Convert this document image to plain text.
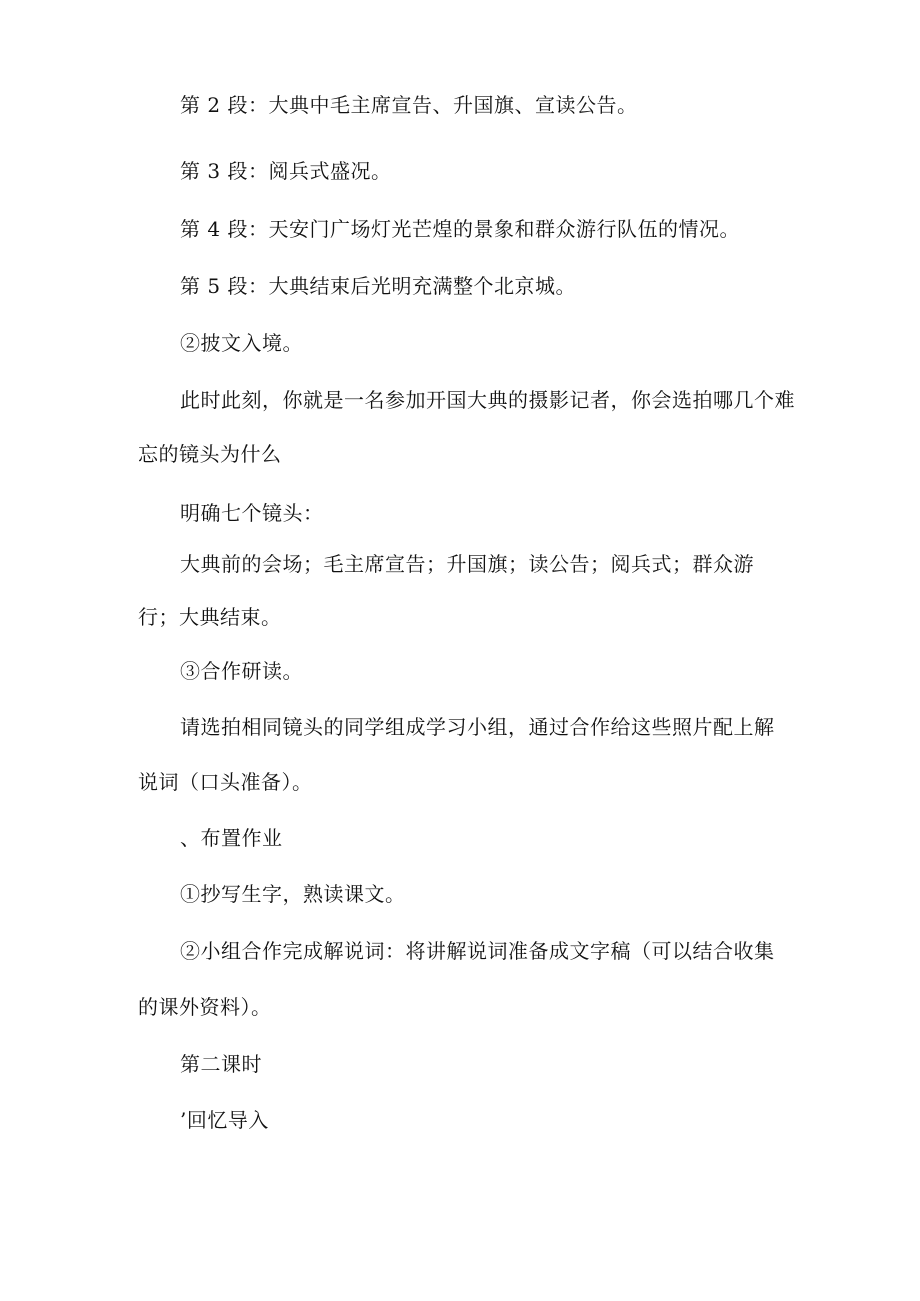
第 2 段：大典中毛主席宣告、升国旗、宣读公告。
第 3 段：阅兵式盛况。
第 4 段：天安门广场灯光芒煌的景象和群众游行队伍的情况。
第 5 段：大典结束后光明充满整个北京城。
②披文入境。
此时此刻，你就是一名参加开国大典的摄影记者，你会选拍哪几个难
忘的镜头为什么
明确七个镜头：
大典前的会场；毛主席宣告；升国旗；读公告；阅兵式；群众游
行；大典结束。
③合作研读。
请选拍相同镜头的同学组成学习小组，通过合作给这些照片配上解
说词（口头准备）。
、布置作业
①抄写生字，熟读课文。
②小组合作完成解说词：将讲解说词准备成文字稿（可以结合收集
的课外资料）。
第二课时
’回忆导入
